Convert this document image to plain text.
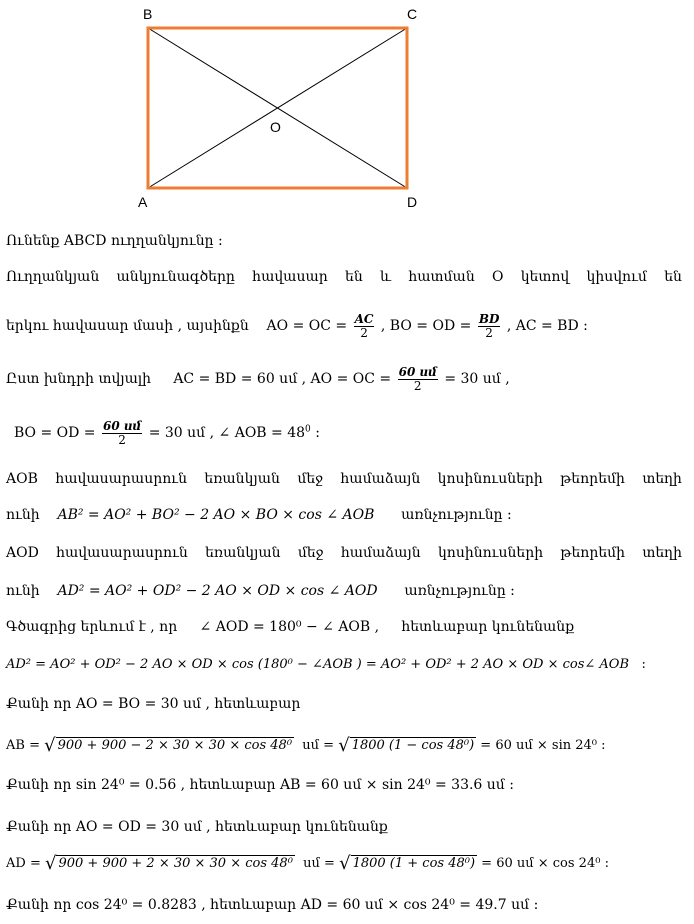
B	C
A	D
O
Ունենք ABCD ուղղանկյունը :
Ուղղանկյան անկյունագծերը հավասար են և հատման O կետով կիսվում են
երկու հավասար մասի , այսինքն AO = OC = $\frac{AC}{2}$ , BO = OD = $\frac{BD}{2}$ , AC = BD :
Ըստ խնդրի տվյալի AC = BD = 60 սմ , AO = OC = $\frac{\text{60 սմ}}{2} = 30$ սմ ,
BO = OD = $\frac{\text{60 սմ}}{2} = 30$ սմ , ∠ AOB = $48^0$ :
AOB հավասարասրուն եռանկյան մեջ համաձայն կոսինուսների թեորեմի տեղի
ունի AB² = AO² + BO² − 2 AO × BO × cos ∠ AOB առնչությունը :
AOD հավասարասրուն եռանկյան մեջ համաձայն կոսինուսների թեորեմի տեղի
ունի AD² = AO² + OD² − 2 AO × OD × cos ∠ AOD առնչությունը :
Գծագրից երևում է , որ ∠ AOD = 180⁰ − ∠ AOB , հետևաբար կունենանք
AD² = AO² + OD² − 2 AO × OD × cos (180⁰ − ∠AOB ) = AO² + OD² + 2 AO × OD × cos∠ AOB :
Քանի որ AO = BO = 30 սմ , հետևաբար
AB = √ 900 + 900 − 2 × 30 × 30 × cos 48⁰ սմ = √ 1800 (1 − cos 48⁰) = 60 սմ × sin 24⁰ :
Քանի որ sin 24⁰ = 0.56 , հետևաբար AB = 60 սմ × sin 24⁰ = 33.6 սմ :
Քանի որ AO = OD = 30 սմ , հետևաբար կունենանք
AD = √ 900 + 900 + 2 × 30 × 30 × cos 48⁰ սմ = √ 1800 (1 + cos 48⁰) = 60 սմ × cos 24⁰ :
Քանի որ cos 24⁰ = 0.8283 , հետևաբար AD = 60 սմ × cos 24⁰ = 49.7 սմ :
